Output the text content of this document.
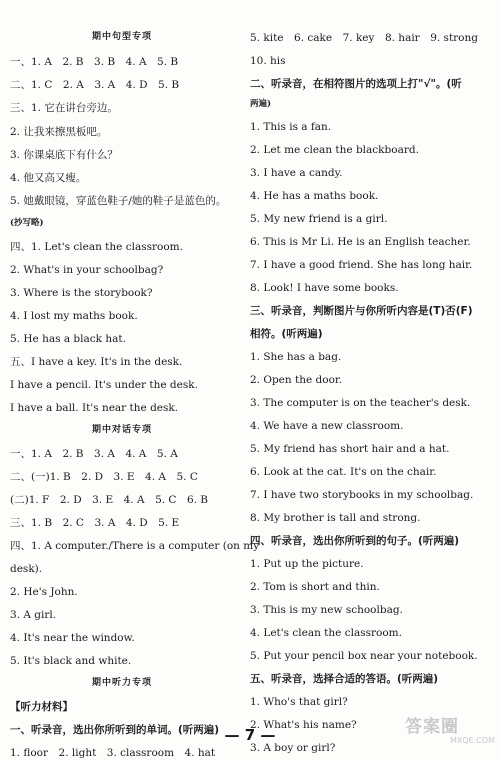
期中句型专项
一、1. A　2. B　3. B　4. A　5. B
二、1. C　2. A　3. A　4. D　5. B
三、1. 它在讲台旁边。
2. 让我来擦黑板吧。
3. 你课桌底下有什么？
4. 他又高又瘦。
5. 她戴眼镜，穿蓝色鞋子/她的鞋子是蓝色的。
(抄写略)
四、1. Let's clean the classroom.
2. What's in your schoolbag?
3. Where is the storybook?
4. I lost my maths book.
5. He has a black hat.
五、I have a key. It's in the desk.
I have a pencil. It's under the desk.
I have a ball. It's near the desk.
期中对话专项
一、1. A　2. B　3. A　4. A　5. A
二、(一)1. B　2. D　3. E　4. A　5. C
(二)1. F　2. D　3. E　4. A　5. C　6. B
三、1. B　2. C　3. A　4. D　5. E
四、1. A computer./There is a computer (on my
desk).
2. He's John.
3. A girl.
4. It's near the window.
5. It's black and white.
期中听力专项
【听力材料】
一、听录音，选出你所听到的单词。(听两遍)
1. floor　2. light　3. classroom　4. hat
5. kite　6. cake　7. key　8. hair　9. strong
10. his
二、听录音，在相符图片的选项上打"√"。(听
两遍)
1. This is a fan.
2. Let me clean the blackboard.
3. I have a candy.
4. He has a maths book.
5. My new friend is a girl.
6. This is Mr Li. He is an English teacher.
7. I have a good friend. She has long hair.
8. Look! I have some books.
三、听录音，判断图片与你所听内容是(T)否(F)
相符。(听两遍)
1. She has a bag.
2. Open the door.
3. The computer is on the teacher's desk.
4. We have a new classroom.
5. My friend has short hair and a hat.
6. Look at the cat. It's on the chair.
7. I have two storybooks in my schoolbag.
8. My brother is tall and strong.
四、听录音，选出你所听到的句子。(听两遍)
1. Put up the picture.
2. Tom is short and thin.
3. This is my new schoolbag.
4. Let's clean the classroom.
5. Put your pencil box near your notebook.
五、听录音，选择合适的答语。(听两遍)
1. Who's that girl?
2. What's his name?
3. A boy or girl?
— 7 —	答案圈
MXQE.COM
